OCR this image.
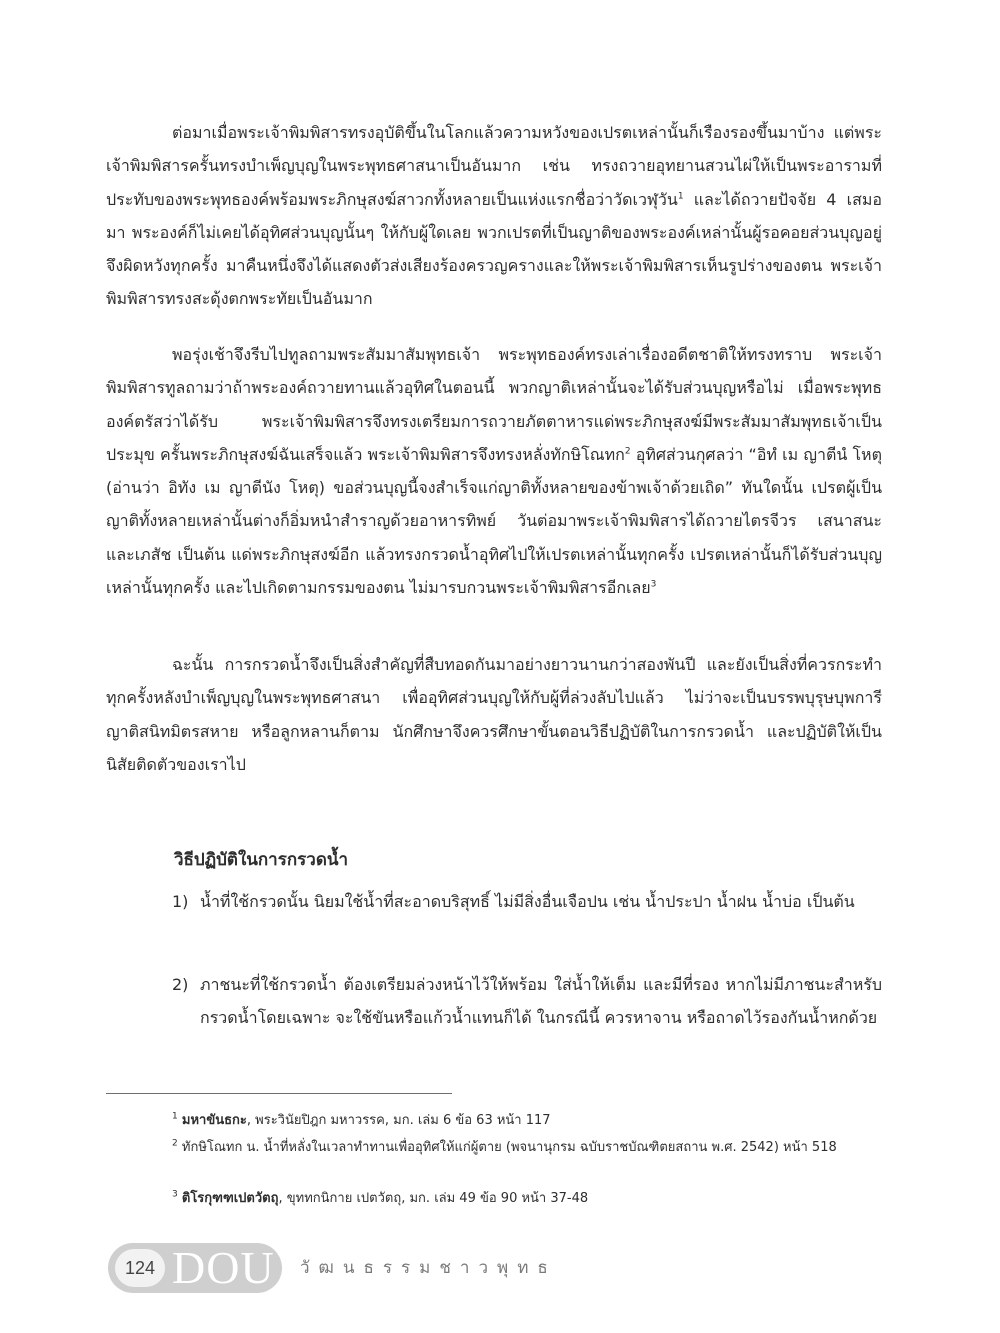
ต่อมาเมื่อพระเจ้าพิมพิสารทรงอุบัติขึ้นในโลกแล้วความหวังของเปรตเหล่านั้นก็เรืองรองขึ้นมาบ้าง แต่พระเจ้าพิมพิสารครั้นทรงบำเพ็ญบุญในพระพุทธศาสนาเป็นอันมาก เช่น ทรงถวายอุทยานสวนไผ่ให้เป็นพระอารามที่ประทับของพระพุทธองค์พร้อมพระภิกษุสงฆ์สาวกทั้งหลายเป็นแห่งแรกชื่อว่าวัดเวฬุวัน$^1$ และได้ถวายปัจจัย 4 เสมอมา พระองค์ก็ไม่เคยได้อุทิศส่วนบุญนั้นๆ ให้กับผู้ใดเลย พวกเปรตที่เป็นญาติของพระองค์เหล่านั้นผู้รอคอยส่วนบุญอยู่จึงผิดหวังทุกครั้ง มาคืนหนึ่งจึงได้แสดงตัวส่งเสียงร้องครวญครางและให้พระเจ้าพิมพิสารเห็นรูปร่างของตน พระเจ้าพิมพิสารทรงสะดุ้งตกพระทัยเป็นอันมาก

พอรุ่งเช้าจึงรีบไปทูลถามพระสัมมาสัมพุทธเจ้า พระพุทธองค์ทรงเล่าเรื่องอดีตชาติให้ทรงทราบ พระเจ้าพิมพิสารทูลถามว่าถ้าพระองค์ถวายทานแล้วอุทิศในตอนนี้ พวกญาติเหล่านั้นจะได้รับส่วนบุญหรือไม่ เมื่อพระพุทธองค์ตรัสว่าได้รับ พระเจ้าพิมพิสารจึงทรงเตรียมการถวายภัตตาหารแด่พระภิกษุสงฆ์มีพระสัมมาสัมพุทธเจ้าเป็นประมุข ครั้นพระภิกษุสงฆ์ฉันเสร็จแล้ว พระเจ้าพิมพิสารจึงทรงหลั่งทักษิโณทก$^2$ อุทิศส่วนกุศลว่า “อิทํ เม ญาตีนํ โหตุ (อ่านว่า อิทัง เม ญาตีนัง โหตุ) ขอส่วนบุญนี้จงสำเร็จแก่ญาติทั้งหลายของข้าพเจ้าด้วยเถิด” ทันใดนั้น เปรตผู้เป็นญาติทั้งหลายเหล่านั้นต่างก็อิ่มหนำสำราญด้วยอาหารทิพย์ วันต่อมาพระเจ้าพิมพิสารได้ถวายไตรจีวร เสนาสนะ และเภสัช เป็นต้น แด่พระภิกษุสงฆ์อีก แล้วทรงกรวดน้ำอุทิศไปให้เปรตเหล่านั้นทุกครั้ง เปรตเหล่านั้นก็ได้รับส่วนบุญเหล่านั้นทุกครั้ง และไปเกิดตามกรรมของตน ไม่มารบกวนพระเจ้าพิมพิสารอีกเลย$^3$

ฉะนั้น การกรวดน้ำจึงเป็นสิ่งสำคัญที่สืบทอดกันมาอย่างยาวนานกว่าสองพันปี และยังเป็นสิ่งที่ควรกระทำทุกครั้งหลังบำเพ็ญบุญในพระพุทธศาสนา เพื่ออุทิศส่วนบุญให้กับผู้ที่ล่วงลับไปแล้ว ไม่ว่าจะเป็นบรรพบุรุษบุพการี ญาติสนิทมิตรสหาย หรือลูกหลานก็ตาม นักศึกษาจึงควรศึกษาขั้นตอนวิธีปฏิบัติในการกรวดน้ำ และปฏิบัติให้เป็นนิสัยติดตัวของเราไป

วิธีปฏิบัติในการกรวดน้ำ
1) น้ำที่ใช้กรวดนั้น นิยมใช้น้ำที่สะอาดบริสุทธิ์ ไม่มีสิ่งอื่นเจือปน เช่น น้ำประปา น้ำฝน น้ำบ่อ เป็นต้น

2) ภาชนะที่ใช้กรวดน้ำ ต้องเตรียมล่วงหน้าไว้ให้พร้อม ใส่น้ำให้เต็ม และมีที่รอง หากไม่มีภาชนะสำหรับกรวดน้ำโดยเฉพาะ จะใช้ขันหรือแก้วน้ำแทนก็ได้ ในกรณีนี้ ควรหาจาน หรือถาดไว้รองกันน้ำหกด้วย

$^1$ มหาขันธกะ, พระวินัยปิฎก มหาวรรค, มก. เล่ม 6 ข้อ 63 หน้า 117
$^2$ ทักษิโณทก น. น้ำที่หลั่งในเวลาทำทานเพื่ออุทิศให้แก่ผู้ตาย (พจนานุกรม ฉบับราชบัณฑิตยสถาน พ.ศ. 2542) หน้า 518
$^3$ ติโรกุฑฑเปตวัตถุ, ขุททกนิกาย เปตวัตถุ, มก. เล่ม 49 ข้อ 90 หน้า 37-48
124 DOU วัฒนธรรมชาวพุทธ
